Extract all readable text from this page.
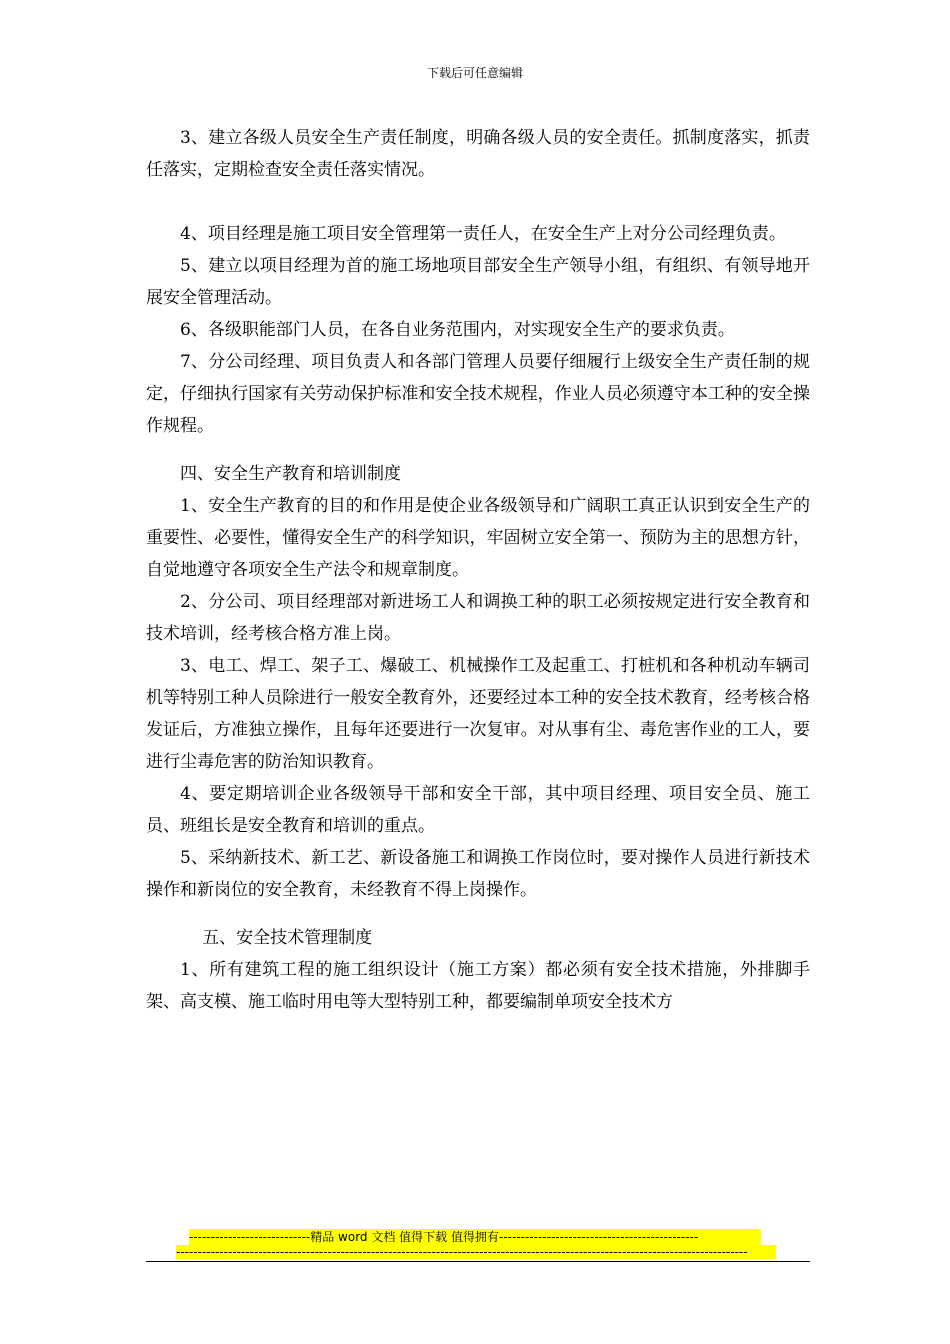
下载后可任意编辑

3、建立各级人员安全生产责任制度，明确各级人员的安全责任。抓制度落实，抓责任落实，定期检查安全责任落实情况。

4、项目经理是施工项目安全管理第一责任人，在安全生产上对分公司经理负责。

5、建立以项目经理为首的施工场地项目部安全生产领导小组，有组织、有领导地开展安全管理活动。

6、各级职能部门人员，在各自业务范围内，对实现安全生产的要求负责。

7、分公司经理、项目负责人和各部门管理人员要仔细履行上级安全生产责任制的规定，仔细执行国家有关劳动保护标准和安全技术规程，作业人员必须遵守本工种的安全操作规程。

四、安全生产教育和培训制度

1、安全生产教育的目的和作用是使企业各级领导和广阔职工真正认识到安全生产的重要性、必要性，懂得安全生产的科学知识，牢固树立安全第一、预防为主的思想方针，自觉地遵守各项安全生产法令和规章制度。

2、分公司、项目经理部对新进场工人和调换工种的职工必须按规定进行安全教育和技术培训，经考核合格方准上岗。

3、电工、焊工、架子工、爆破工、机械操作工及起重工、打桩机和各种机动车辆司机等特别工种人员除进行一般安全教育外，还要经过本工种的安全技术教育，经考核合格发证后，方准独立操作，且每年还要进行一次复审。对从事有尘、毒危害作业的工人，要进行尘毒危害的防治知识教育。

4、要定期培训企业各级领导干部和安全干部，其中项目经理、项目安全员、施工员、班组长是安全教育和培训的重点。

5、采纳新技术、新工艺、新设备施工和调换工作岗位时，要对操作人员进行新技术操作和新岗位的安全教育，未经教育不得上岗操作。

五、安全技术管理制度

1、所有建筑工程的施工组织设计（施工方案）都必须有安全技术措施，外排脚手架、高支模、施工临时用电等大型特别工种，都要编制单项安全技术方

----------------------------精品 word 文档 值得下载 值得拥有----------------------------------------------
------------------------------------------------------------------------------------------------------------------------------------
